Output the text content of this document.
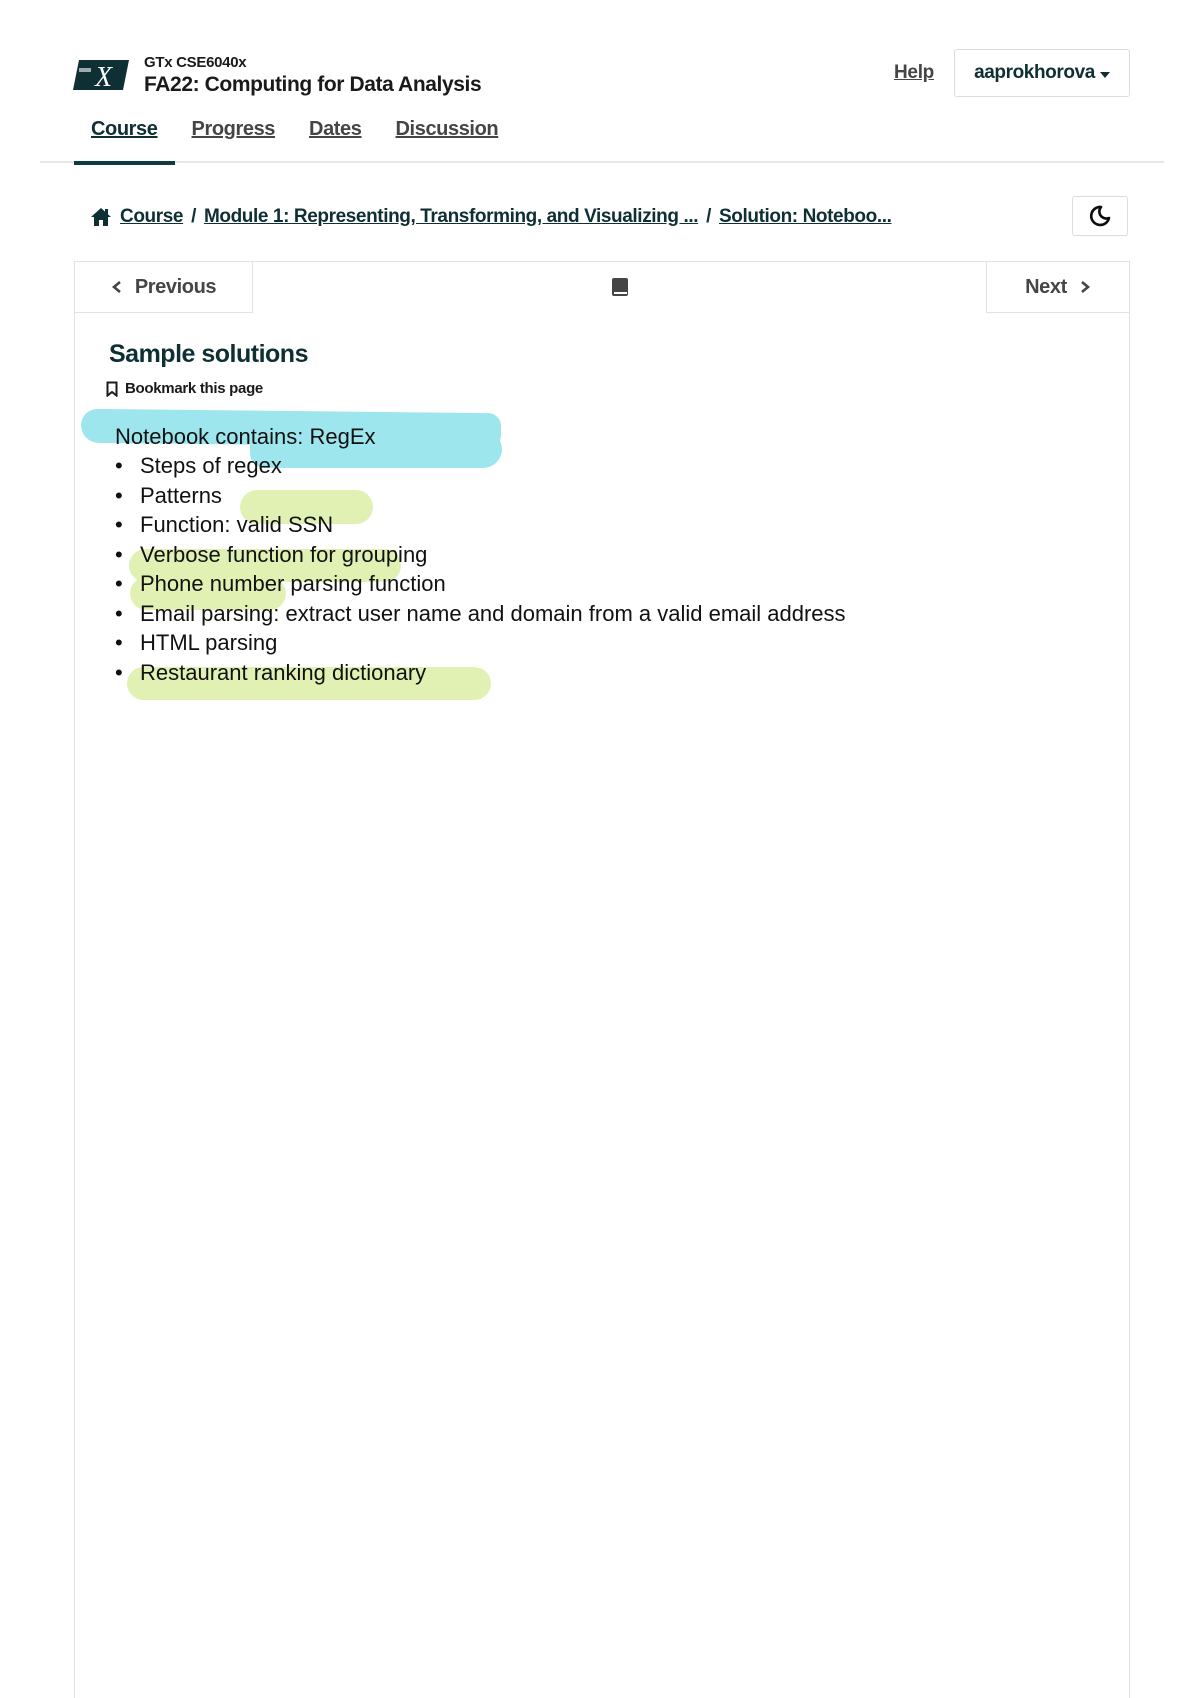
X GTx CSE6040x
FA22: Computing for Data Analysis
Help aaprokhorova
Course	Progress	Dates	Discussion
Course / Module 1: Representing, Transforming, and Visualizing ... / Solution: Noteboo...
Previous	Next
Sample solutions
Bookmark this page
Notebook contains: RegEx
• Steps of regex
• Patterns
• Function: valid SSN
• Verbose function for grouping
• Phone number parsing function
• Email parsing: extract user name and domain from a valid email address
• HTML parsing
• Restaurant ranking dictionary
